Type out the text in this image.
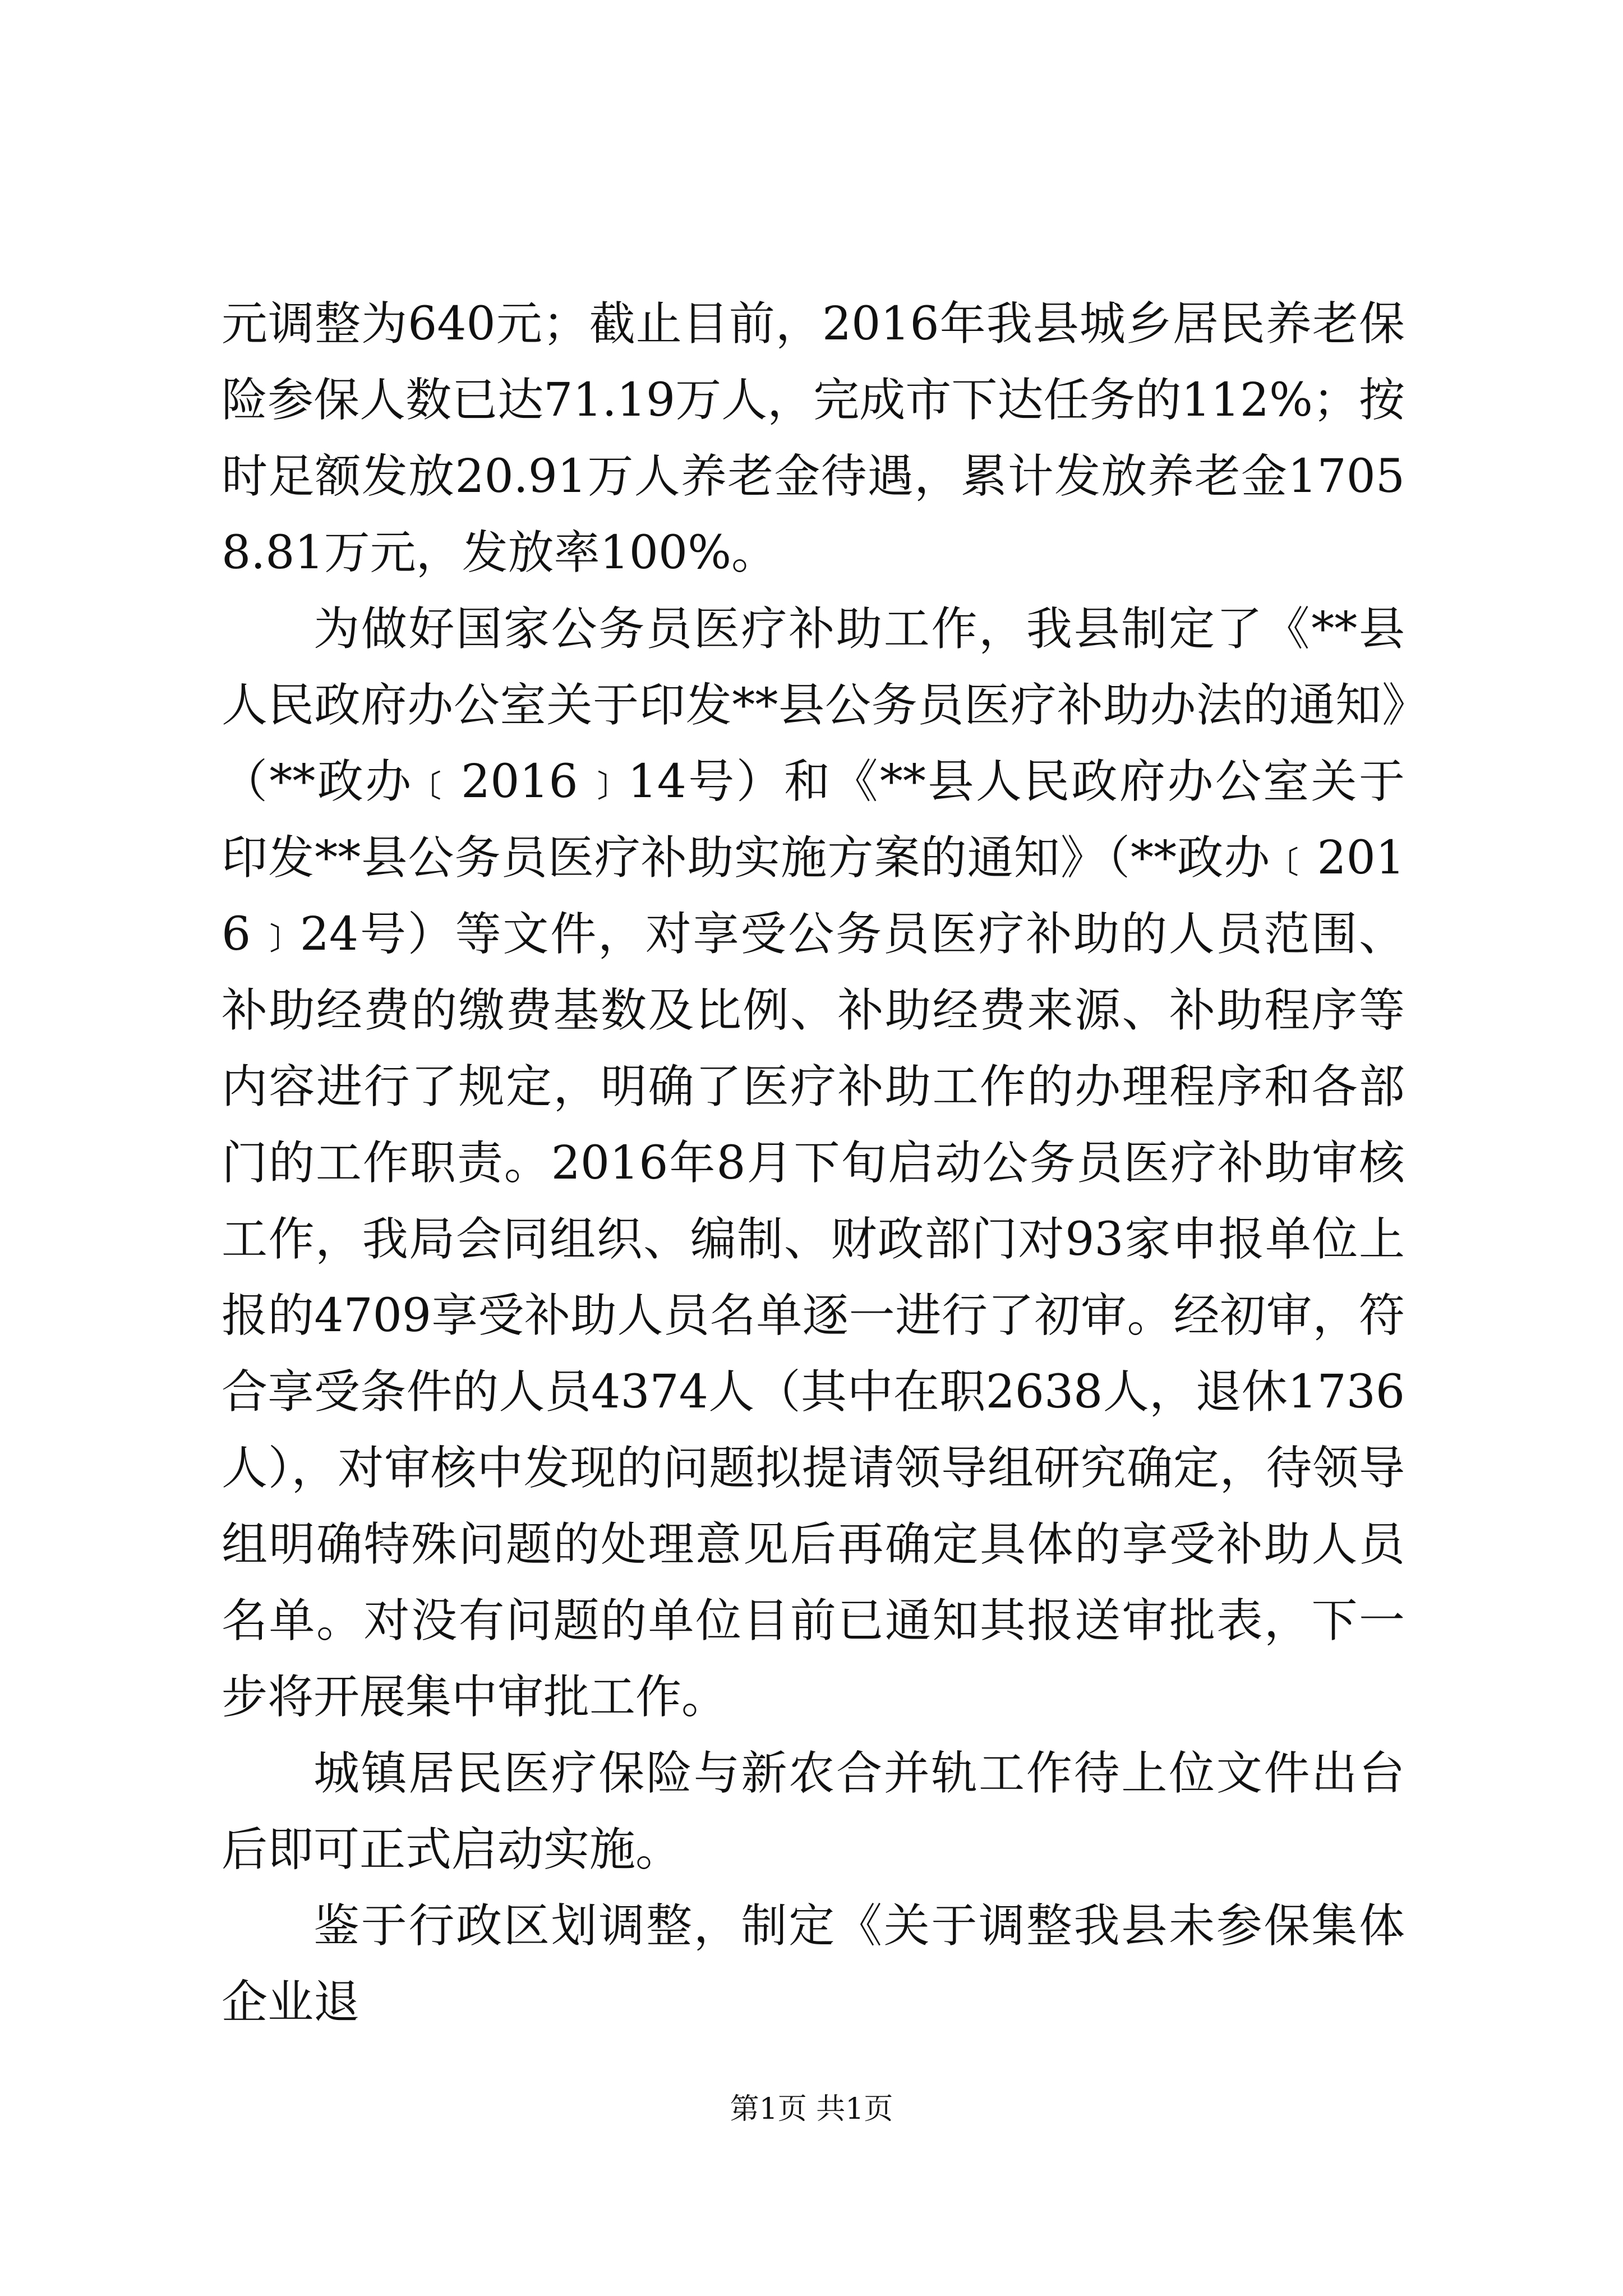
元调整为640元；截止目前，2016年我县城乡居民养老保险参保人数已达71.19万人，完成市下达任务的112%；按时足额发放20.91万人养老金待遇，累计发放养老金17058.81万元，发放率100%。

为做好国家公务员医疗补助工作，我县制定了《**县人民政府办公室关于印发**县公务员医疗补助办法的通知》（**政办﹝2016﹞14号）和《**县人民政府办公室关于印发**县公务员医疗补助实施方案的通知》（**政办﹝2016﹞24号）等文件，对享受公务员医疗补助的人员范围、补助经费的缴费基数及比例、补助经费来源、补助程序等内容进行了规定，明确了医疗补助工作的办理程序和各部门的工作职责。2016年8月下旬启动公务员医疗补助审核工作，我局会同组织、编制、财政部门对93家申报单位上报的4709享受补助人员名单逐一进行了初审。经初审，符合享受条件的人员4374人（其中在职2638人，退休1736人），对审核中发现的问题拟提请领导组研究确定，待领导组明确特殊问题的处理意见后再确定具体的享受补助人员名单。对没有问题的单位目前已通知其报送审批表，下一步将开展集中审批工作。

城镇居民医疗保险与新农合并轨工作待上位文件出台后即可正式启动实施。

鉴于行政区划调整，制定《关于调整我县未参保集体企业退

第1页 共1页
